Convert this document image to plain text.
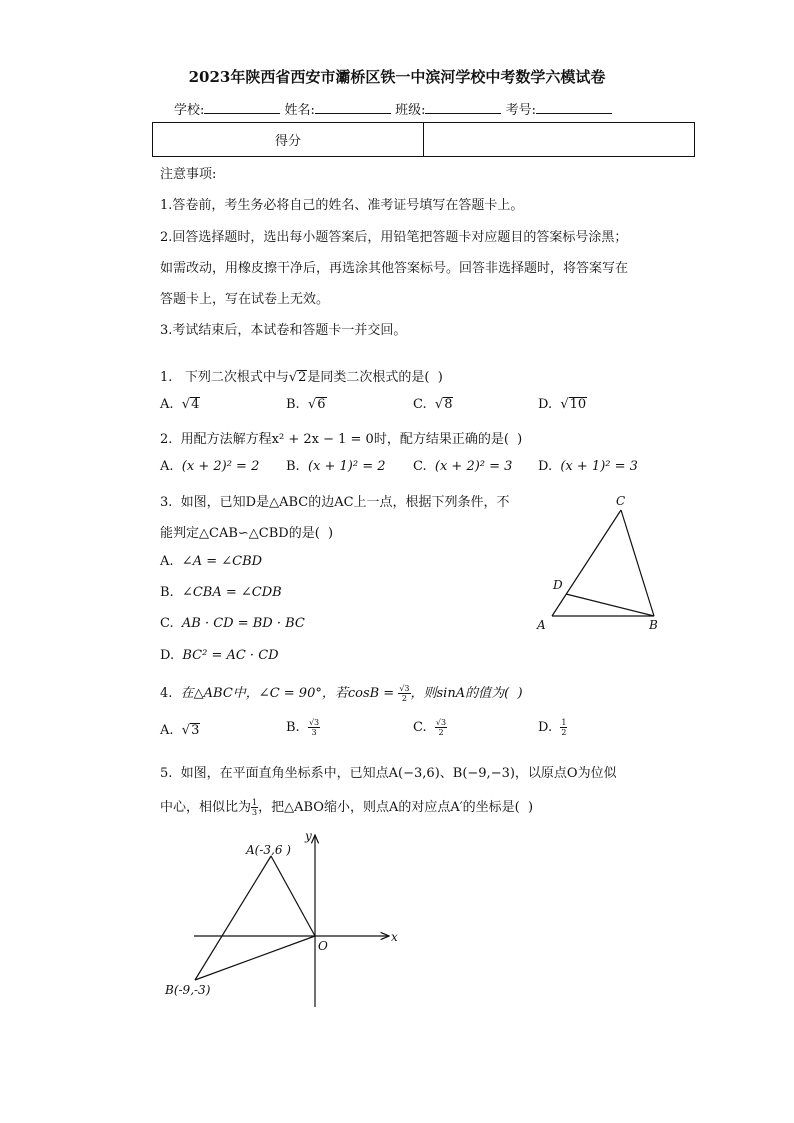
2023年陕西省西安市灞桥区铁一中滨河学校中考数学六模试卷
学校:	姓名:	班级:	考号:
得分	
注意事项:
1.答卷前，考生务必将自己的姓名、准考证号填写在答题卡上。
2.回答选择题时，选出每小题答案后，用铅笔把答题卡对应题目的答案标号涂黑；
如需改动，用橡皮擦干净后，再选涂其他答案标号。回答非选择题时，将答案写在
答题卡上，写在试卷上无效。
3.考试结束后，本试卷和答题卡一并交回。
1. 下列二次根式中与√2是同类二次根式的是(  )
A. √4	B. √6	C. √8	D. √10
2. 用配方法解方程x² + 2x − 1 = 0时，配方结果正确的是(  )
A. (x + 2)² = 2 B. (x + 1)² = 2 C. (x + 2)² = 3 D. (x + 1)² = 3
3. 如图，已知D是△ABC的边AC上一点，根据下列条件，不
能判定△CAB∽△CBD的是(  )
A. ∠A = ∠CBD
B. ∠CBA = ∠CDB
C. AB · CD = BD · BC
D. BC² = AC · CD
C
D
A	B
4. 在△ABC中，∠C = 90°，若$\cos B = \frac{√3}{2}$ ，则sinA的值为(  )
A. √3	B. $\frac{√3}{3}$	C. $\frac{√3}{2}$	D. $\frac{1}{2}$
5. 如图，在平面直角坐标系中，已知点A(−3,6)、B(−9,−3)，以原点O为位似
中心，相似比为 $\frac{1}{3}$ ，把△ABO缩小，则点A的对应点A′的坐标是(  )
A(-3,6 )
B(-9,-3)
O
x
y
